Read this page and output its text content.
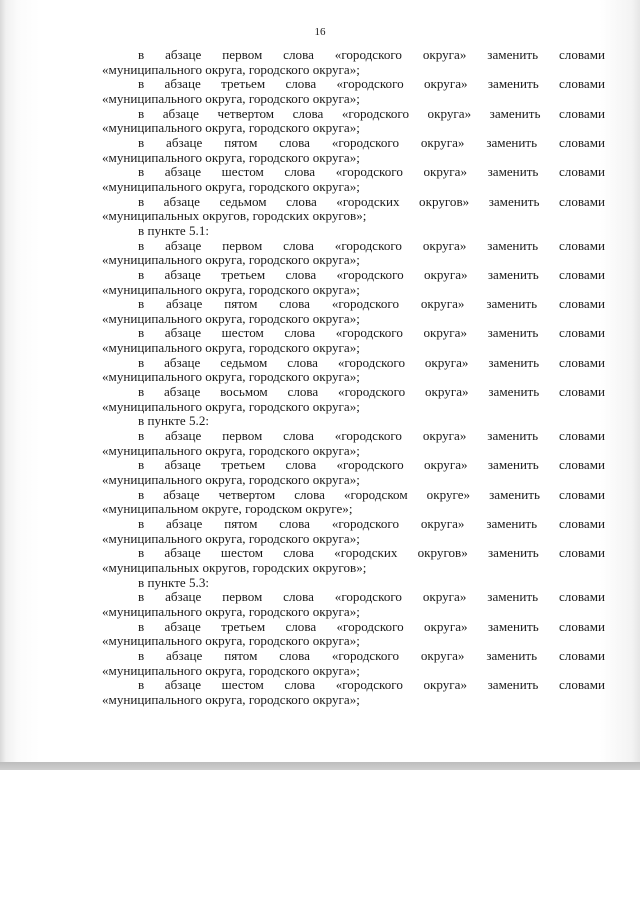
16

в абзаце первом слова «городского округа» заменить словами
«муниципального округа, городского округа»;

в абзаце третьем слова «городского округа» заменить словами
«муниципального округа, городского округа»;

в абзаце четвертом слова «городского округа» заменить словами
«муниципального округа, городского округа»;

в абзаце пятом слова «городского округа» заменить словами
«муниципального округа, городского округа»;

в абзаце шестом слова «городского округа» заменить словами
«муниципального округа, городского округа»;

в абзаце седьмом слова «городских округов» заменить словами
«муниципальных округов, городских округов»;

в пункте 5.1:

в абзаце первом слова «городского округа» заменить словами
«муниципального округа, городского округа»;

в абзаце третьем слова «городского округа» заменить словами
«муниципального округа, городского округа»;

в абзаце пятом слова «городского округа» заменить словами
«муниципального округа, городского округа»;

в абзаце шестом слова «городского округа» заменить словами
«муниципального округа, городского округа»;

в абзаце седьмом слова «городского округа» заменить словами
«муниципального округа, городского округа»;

в абзаце восьмом слова «городского округа» заменить словами
«муниципального округа, городского округа»;

в пункте 5.2:

в абзаце первом слова «городского округа» заменить словами
«муниципального округа, городского округа»;

в абзаце третьем слова «городского округа» заменить словами
«муниципального округа, городского округа»;

в абзаце четвертом слова «городском округе» заменить словами
«муниципальном округе, городском округе»;

в абзаце пятом слова «городского округа» заменить словами
«муниципального округа, городского округа»;

в абзаце шестом слова «городских округов» заменить словами
«муниципальных округов, городских округов»;

в пункте 5.3:

в абзаце первом слова «городского округа» заменить словами
«муниципального округа, городского округа»;

в абзаце третьем слова «городского округа» заменить словами
«муниципального округа, городского округа»;

в абзаце пятом слова «городского округа» заменить словами
«муниципального округа, городского округа»;

в абзаце шестом слова «городского округа» заменить словами
«муниципального округа, городского округа»;
